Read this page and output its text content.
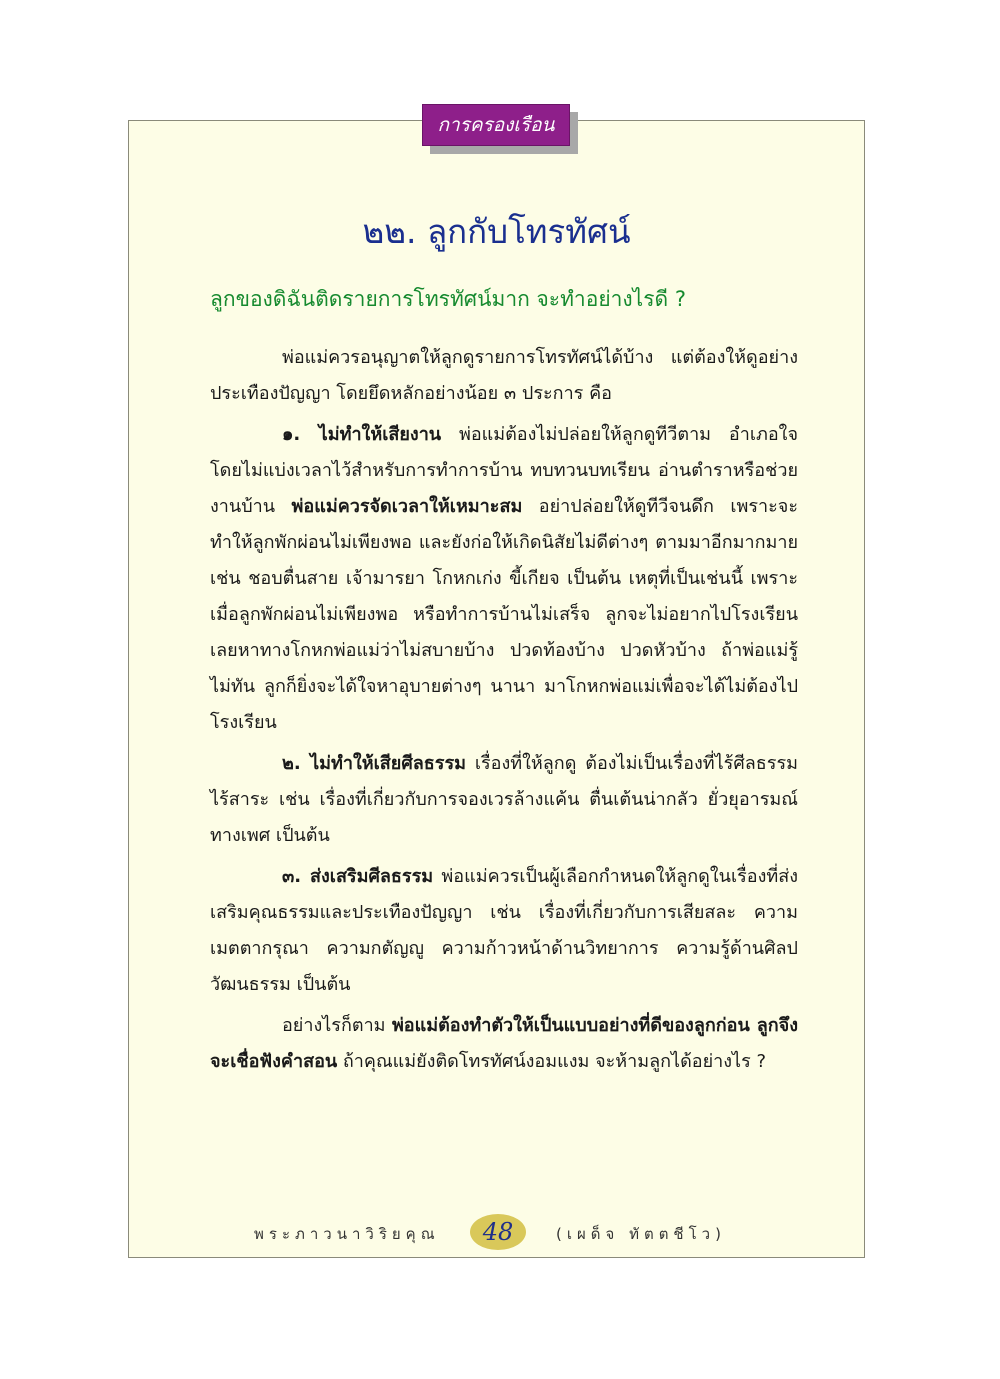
การครองเรือน
๒๒. ลูกกับโทรทัศน์
ลูกของดิฉันติดรายการโทรทัศน์มาก จะทำอย่างไรดี ?

พ่อแม่ควรอนุญาตให้ลูกดูรายการโทรทัศน์ได้บ้าง แต่ต้องให้ดูอย่างประเทืองปัญญา โดยยึดหลักอย่างน้อย ๓ ประการ คือ

๑. ไม่ทำให้เสียงาน พ่อแม่ต้องไม่ปล่อยให้ลูกดูทีวีตาม อำเภอใจ โดยไม่แบ่งเวลาไว้สำหรับการทำการบ้าน ทบทวนบทเรียน อ่านตำราหรือช่วยงานบ้าน พ่อแม่ควรจัดเวลาให้เหมาะสม อย่าปล่อยให้ดูทีวีจนดึก เพราะจะทำให้ลูกพักผ่อนไม่เพียงพอ และยังก่อให้เกิดนิสัยไม่ดีต่างๆ ตามมาอีกมากมาย เช่น ชอบตื่นสาย เจ้ามารยา โกหกเก่ง ขี้เกียจ เป็นต้น เหตุที่เป็นเช่นนี้ เพราะเมื่อลูกพักผ่อนไม่เพียงพอ หรือทำการบ้านไม่เสร็จ ลูกจะไม่อยากไปโรงเรียน เลยหาทางโกหกพ่อแม่ว่าไม่สบายบ้าง ปวดท้องบ้าง ปวดหัวบ้าง ถ้าพ่อแม่รู้ไม่ทัน ลูกก็ยิ่งจะได้ใจหาอุบายต่างๆ นานา มาโกหกพ่อแม่เพื่อจะได้ไม่ต้องไปโรงเรียน

๒. ไม่ทำให้เสียศีลธรรม เรื่องที่ให้ลูกดู ต้องไม่เป็นเรื่องที่ไร้ศีลธรรม ไร้สาระ เช่น เรื่องที่เกี่ยวกับการจองเวรล้างแค้น ตื่นเต้นน่ากลัว ยั่วยุอารมณ์ทางเพศ เป็นต้น

๓. ส่งเสริมศีลธรรม พ่อแม่ควรเป็นผู้เลือกกำหนดให้ลูกดูในเรื่องที่ส่งเสริมคุณธรรมและประเทืองปัญญา เช่น เรื่องที่เกี่ยวกับการเสียสละ ความเมตตากรุณา ความกตัญญู ความก้าวหน้าด้านวิทยาการ ความรู้ด้านศิลปวัฒนธรรม เป็นต้น

อย่างไรก็ตาม พ่อแม่ต้องทำตัวให้เป็นแบบอย่างที่ดีของลูกก่อน ลูกจึงจะเชื่อฟังคำสอน ถ้าคุณแม่ยังติดโทรทัศน์งอมแงม จะห้ามลูกได้อย่างไร ?

พระภาวนาวิริยคุณ	48	(เผด็จ ทัตตชีโว)
